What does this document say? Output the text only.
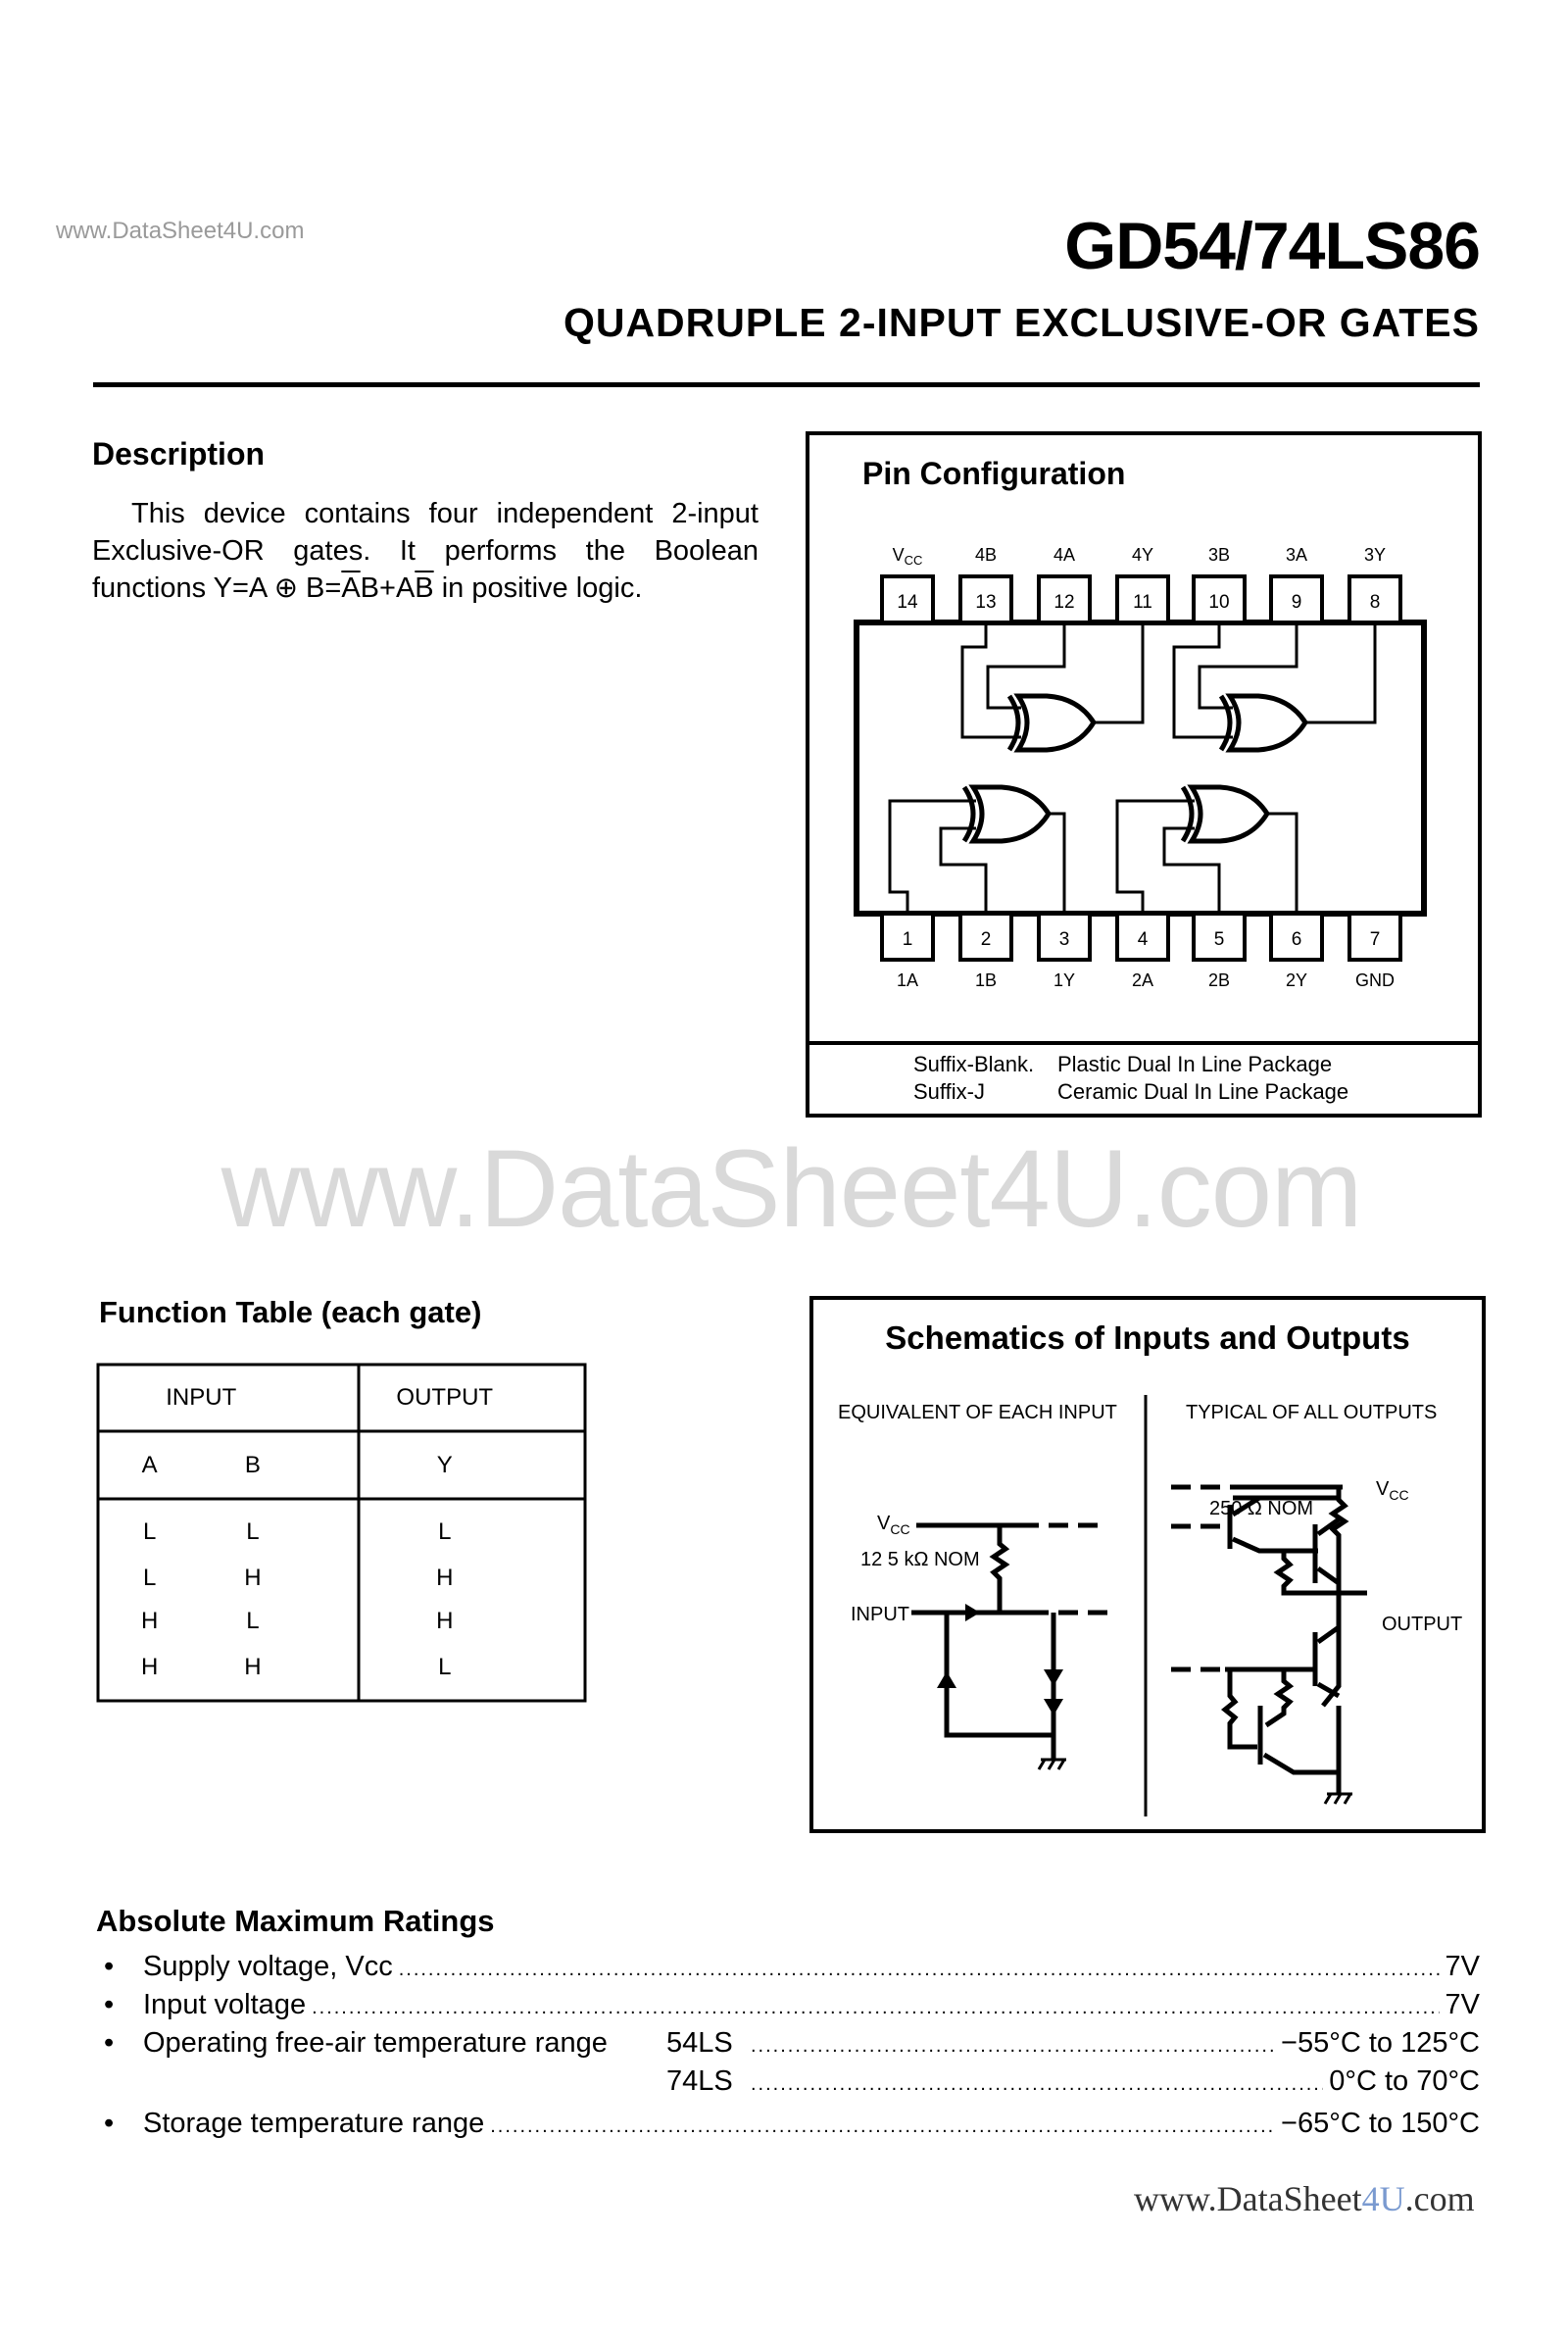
www.DataSheet4U.com	GD54/74LS86
QUADRUPLE 2-INPUT EXCLUSIVE-OR GATES
Description

This device contains four independent 2-input Exclusive-OR gates. It performs the Boolean functions Y=A ⊕ $B=\overline{A}B+A\overline{B}$ in positive logic.

Pin Configuration
Suffix-Blank. Plastic Dual In Line Package
Suffix-J	Ceramic Dual In Line Package
14
$V_{CC}$
13
4B
12
4A
11
4Y
10
3B
9
3A
8
3Y
1
1A
2
1B
3
1Y
4
2A
5
2B
6
2Y
7
GND
www.DataSheet4U.com
Schematics of Inputs and Outputs
EQUIVALENT OF EACH INPUT	TYPICAL OF ALL OUTPUTS
$V_{CC}$
12 5 kΩ NOM
INPUT
250 Ω NOM
$V_{CC}$
OUTPUT
Function Table (each gate)
INPUT		OUTPUT
A	B	Y
L	L	L
L	H	H
H	L	H
H	H	L
Absolute Maximum Ratings
•	Supply voltage, Vcc .....	7V
•	Input voltage .....	7V
•	Operating free-air temperature range	54LS .....	−55°C to 125°C
74LS .....	0°C to 70°C
•	Storage temperature range .....	−65°C to 150°C
www.DataSheet4U.com
